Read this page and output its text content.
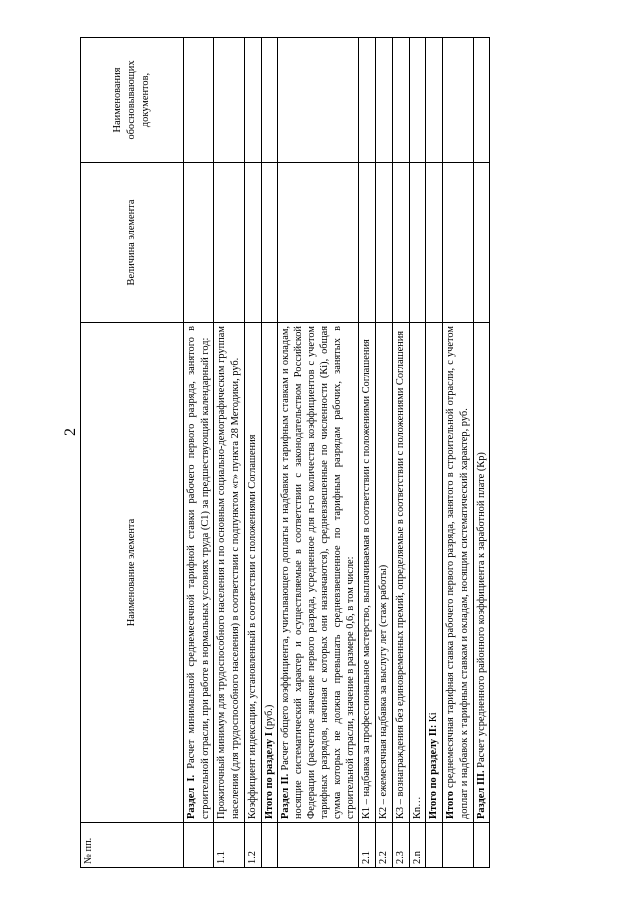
2
№ пп.	Наименование элемента	Величина элемента	Наименования обосновывающих документов,
	Раздел I. Расчет минимальной среднемесячной тарифной ставки рабочего первого разряда, занятого в строительной отрасли, при работе в нормальных условиях труда (С1) за предшествующий календарный год:		
1.1	Прожиточный минимум для трудоспособного населения и по основным социально-демографическим группам населения (для трудоспособного населения) в соответствии с подпунктом «г» пункта 28 Методики, руб.		
1.2	Коэффициент индексации, установленный в соответствии с положениями Соглашения		
	Итого по разделу I (руб.)		
	Раздел II. Расчет общего коэффициента, учитывающего доплаты и надбавки к тарифным ставкам и окладам, носящие систематический характер и осуществляемые в соответствии с законодательством Российской Федерации (расчетное значение первого разряда, усредненное для n-го количества коэффициентов с учетом тарифных разрядов, начиная с которых они назначаются), средневзвешенные по численности (Кi), общая сумма которых не должна превышать средневзвешенное по тарифным разрядам рабочих, занятых в строительной отрасли, значение в размере 0,6, в том числе:		
2.1	К1 – надбавка за профессиональное мастерство, выплачиваемая в соответствии с положениями Соглашения		
2.2	К2 – ежемесячная надбавка за выслугу лет (стаж работы)		
2.3	К3 – вознаграждения без единовременных премий, определяемые в соответствии с положениями Соглашения		
2.n	Кn…		
	Итого по разделу II: Кi		
	Итого среднемесячная тарифная ставка рабочего первого разряда, занятого в строительной отрасли, с учетом доплат и надбавок к тарифным ставкам и окладам, носящим систематический характер, руб.		
	Раздел III. Расчет усредненного районного коэффициента к заработной плате (Кр)		
